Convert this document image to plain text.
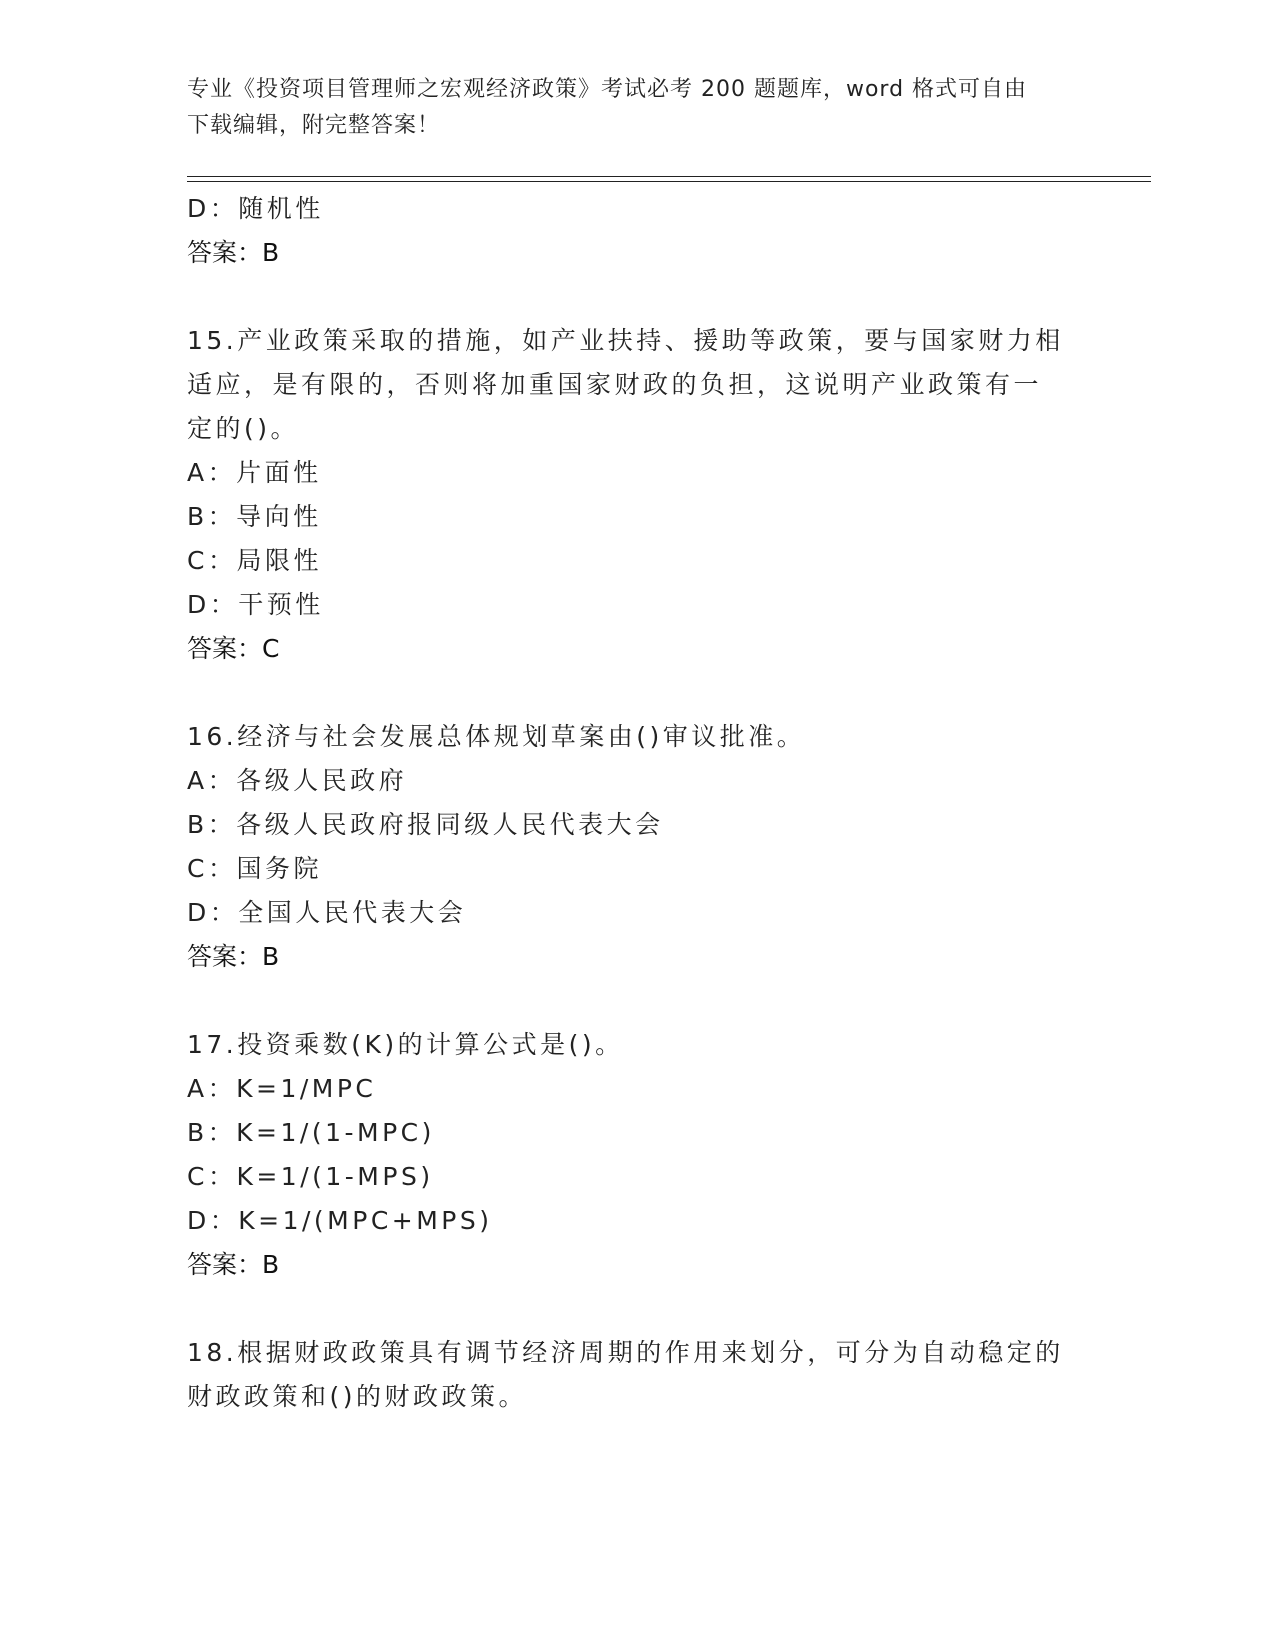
专业《投资项目管理师之宏观经济政策》考试必考 200 题题库，word 格式可自由
下载编辑，附完整答案！
D：随机性
答案：B
15.产业政策采取的措施，如产业扶持、援助等政策，要与国家财力相
适应，是有限的，否则将加重国家财政的负担，这说明产业政策有一
定的()。
A：片面性
B：导向性
C：局限性
D：干预性
答案：C
16.经济与社会发展总体规划草案由()审议批准。
A：各级人民政府
B：各级人民政府报同级人民代表大会
C：国务院
D：全国人民代表大会
答案：B
17.投资乘数(K)的计算公式是()。
A：K=1/MPC
B：K=1/(1-MPC)
C：K=1/(1-MPS)
D：K=1/(MPC+MPS)
答案：B
18.根据财政政策具有调节经济周期的作用来划分，可分为自动稳定的
财政政策和()的财政政策。
